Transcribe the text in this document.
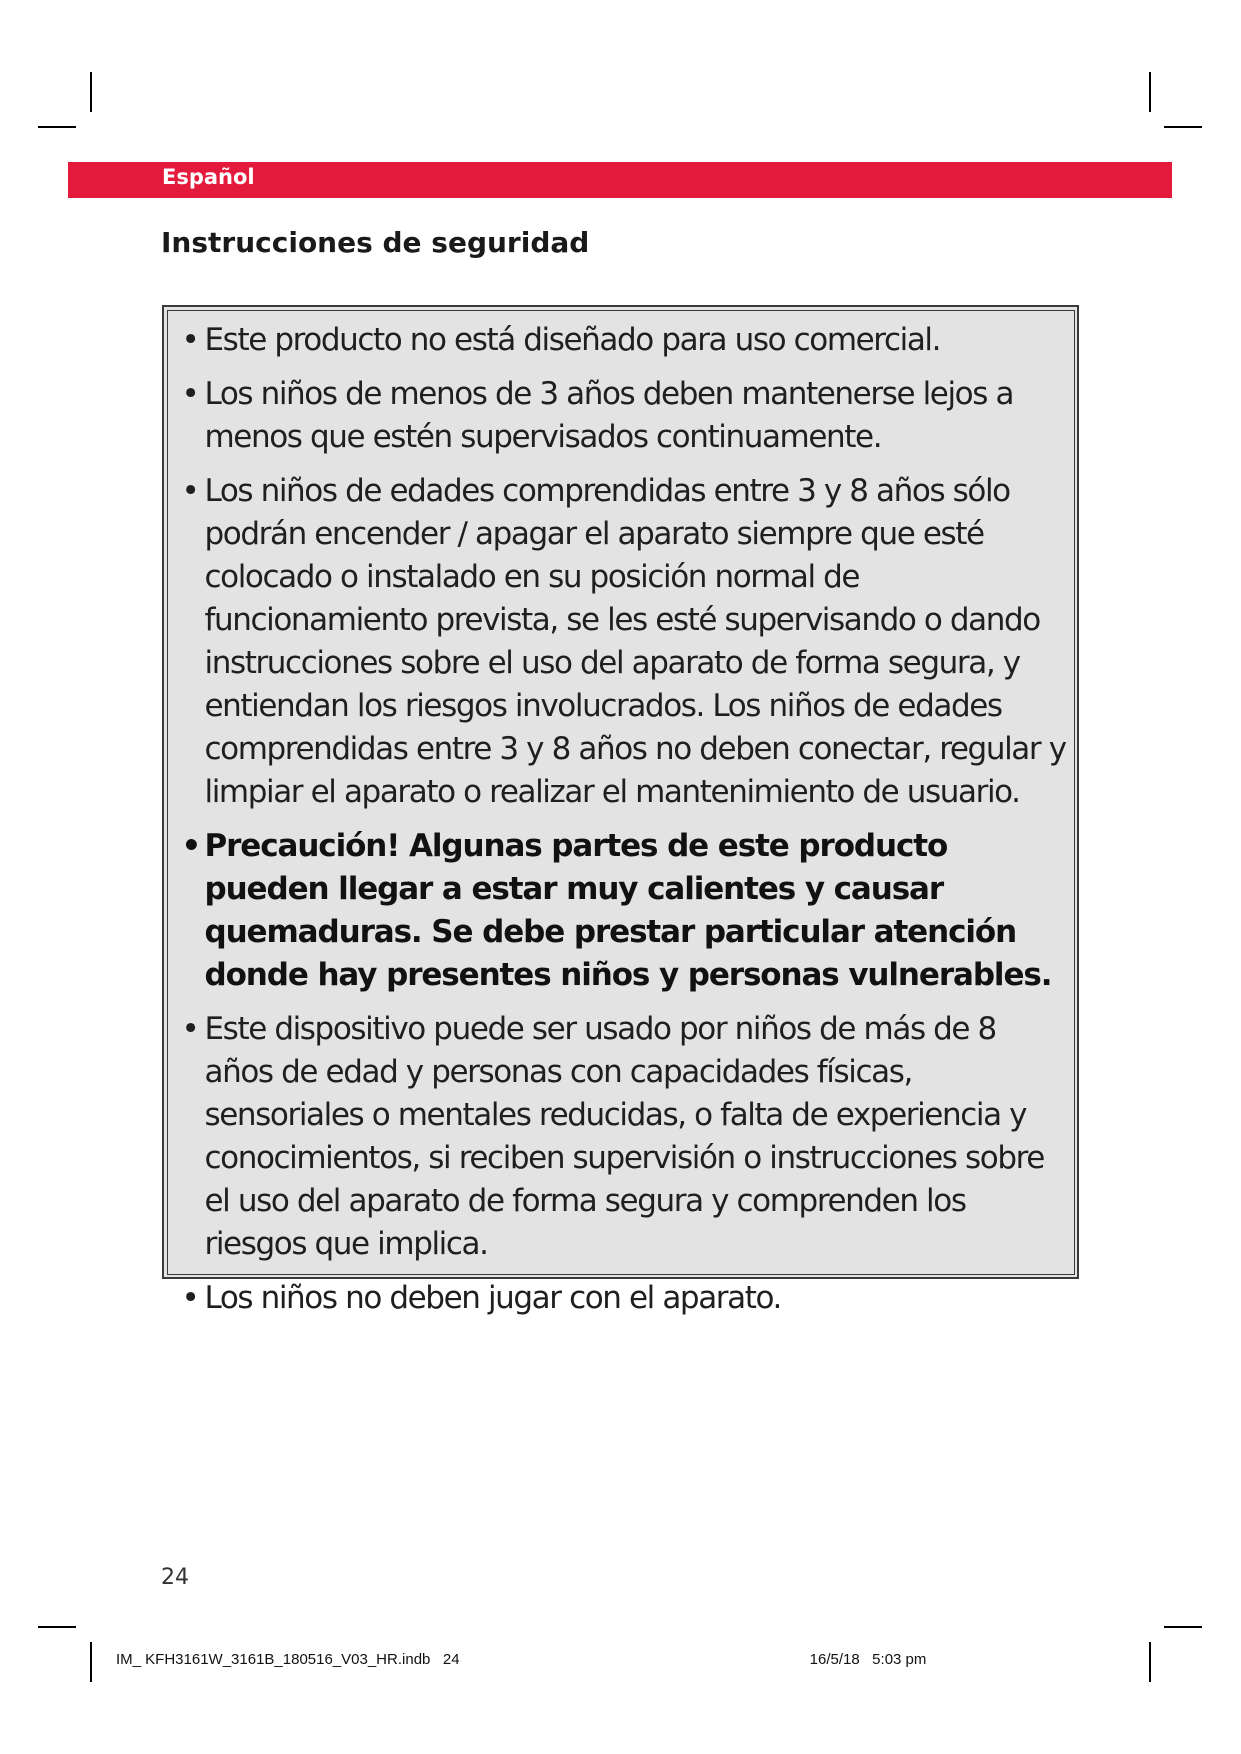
Español
Instrucciones de seguridad
• Este producto no está diseñado para uso comercial.
• Los niños de menos de 3 años deben mantenerse lejos a menos que estén supervisados continuamente.
• Los niños de edades comprendidas entre 3 y 8 años sólo podrán encender / apagar el aparato siempre que esté colocado o instalado en su posición normal de funcionamiento prevista, se les esté supervisando o dando instrucciones sobre el uso del aparato de forma segura, y entiendan los riesgos involucrados. Los niños de edades comprendidas entre 3 y 8 años no deben conectar, regular y limpiar el aparato o realizar el mantenimiento de usuario.
• Precaución! Algunas partes de este producto pueden llegar a estar muy calientes y causar quemaduras. Se debe prestar particular atención donde hay presentes niños y personas vulnerables.
• Este dispositivo puede ser usado por niños de más de 8 años de edad y personas con capacidades físicas, sensoriales o mentales reducidas, o falta de experiencia y conocimientos, si reciben supervisión o instrucciones sobre el uso del aparato de forma segura y comprenden los riesgos que implica.
• Los niños no deben jugar con el aparato.
24
IM_ KFH3161W_3161B_180516_V03_HR.indb   24                                                                                    16/5/18   5:03 pm
